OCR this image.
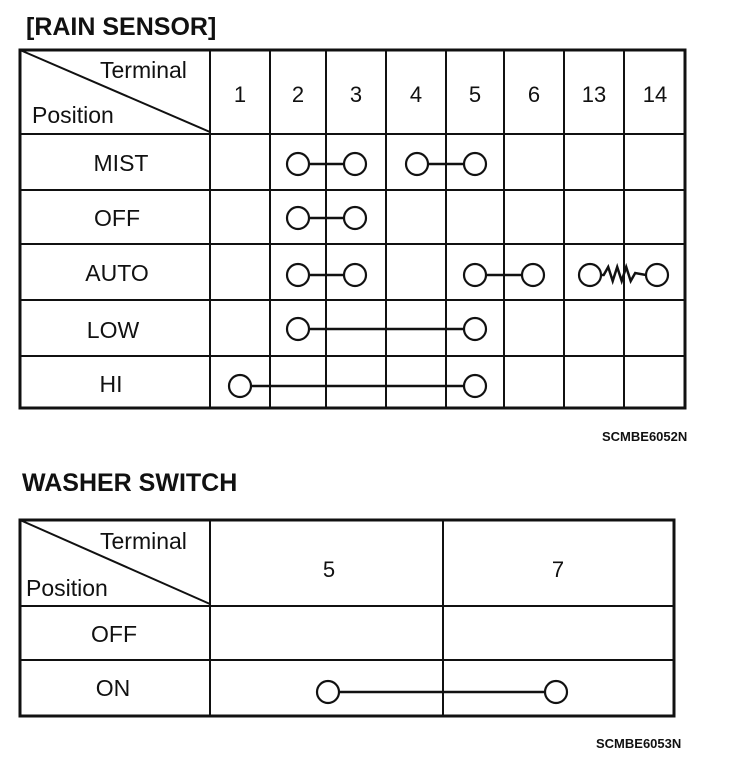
[RAIN SENSOR]
Terminal
Position
1 2 3 4 5 6 13 14
MIST
OFF
AUTO
LOW
HI
SCMBE6052N
WASHER SWITCH
Terminal
Position
5	7
OFF
ON
SCMBE6053N
